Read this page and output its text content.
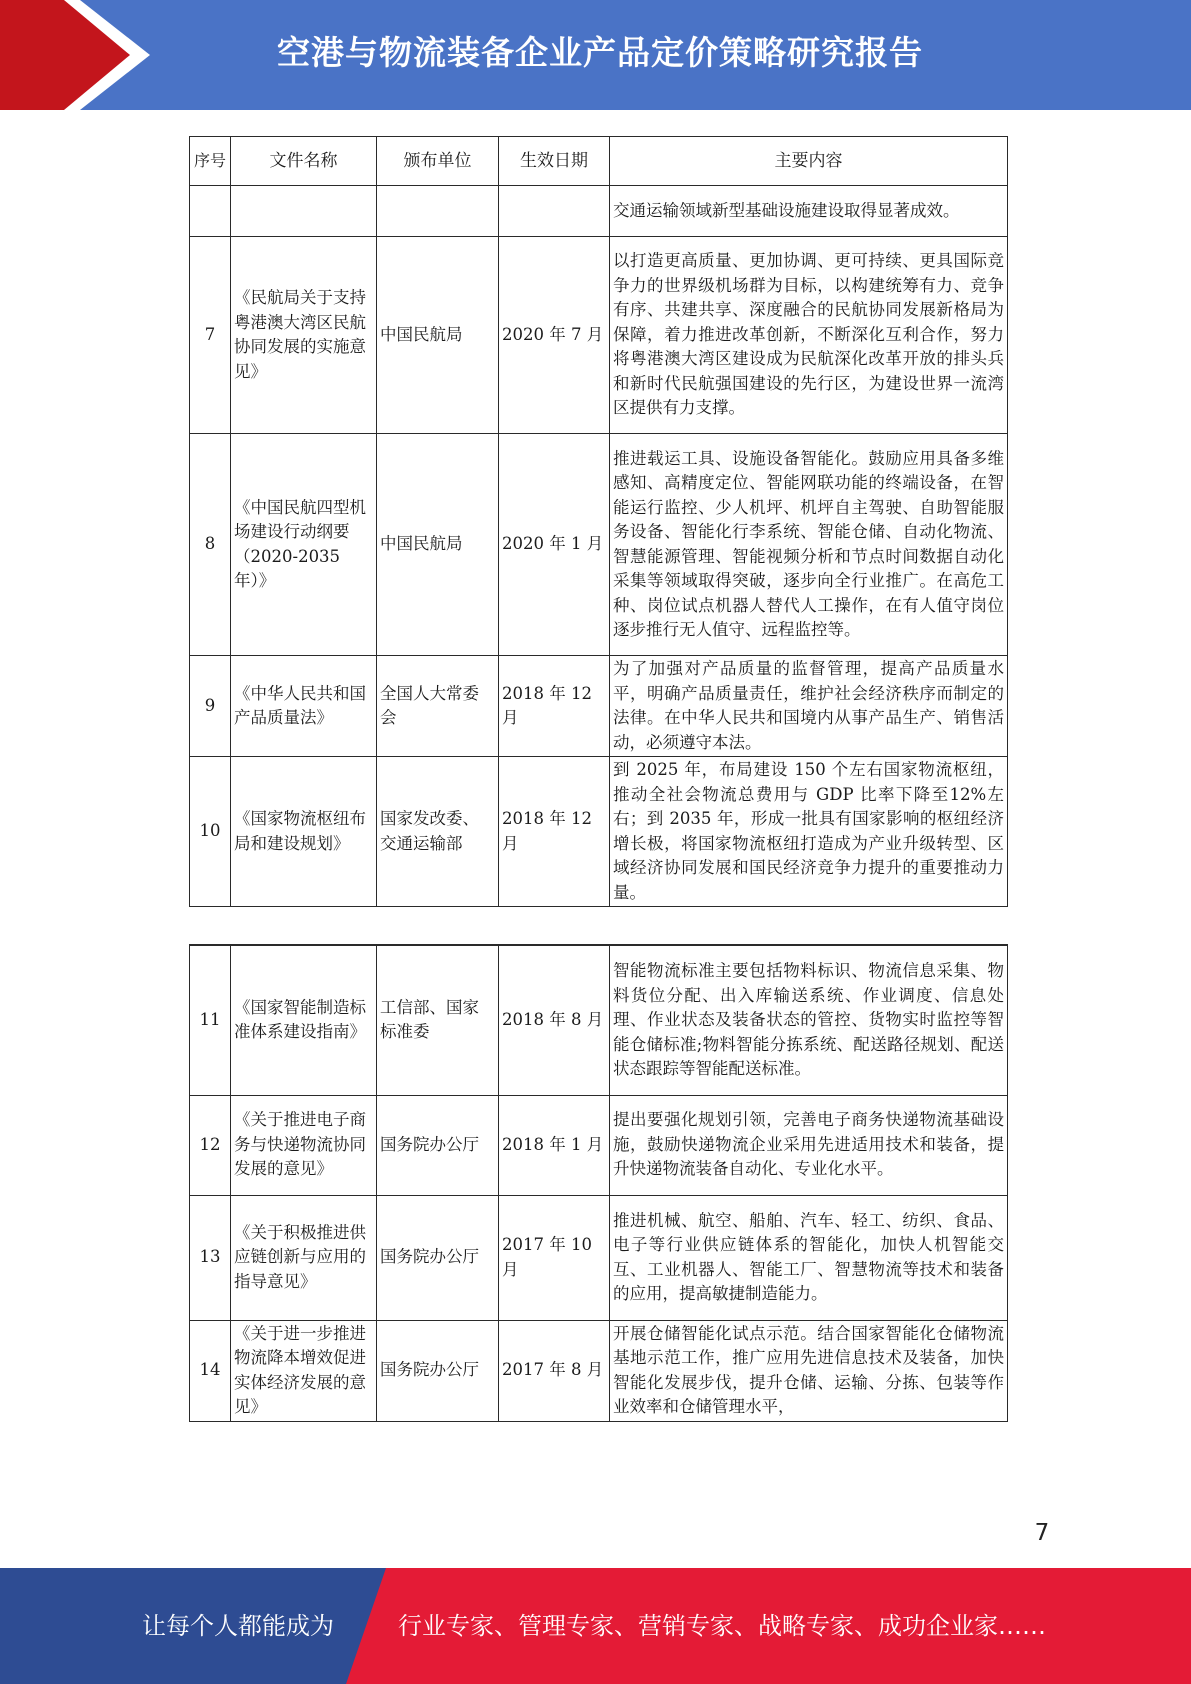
空港与物流装备企业产品定价策略研究报告
序号	文件名称	颁布单位	生效日期	主要内容
				交通运输领域新型基础设施建设取得显著成效。
7	《民航局关于支持粤港澳大湾区民航协同发展的实施意见》	中国民航局	2020 年 7 月	以打造更高质量、更加协调、更可持续、更具国际竞争力的世界级机场群为目标，以构建统筹有力、竞争有序、共建共享、深度融合的民航协同发展新格局为保障，着力推进改革创新，不断深化互利合作，努力将粤港澳大湾区建设成为民航深化改革开放的排头兵和新时代民航强国建设的先行区，为建设世界一流湾区提供有力支撑。
8	《中国民航四型机场建设行动纲要（2020-2035年）》	中国民航局	2020 年 1 月	推进载运工具、设施设备智能化。鼓励应用具备多维感知、高精度定位、智能网联功能的终端设备，在智能运行监控、少人机坪、机坪自主驾驶、自助智能服务设备、智能化行李系统、智能仓储、自动化物流、智慧能源管理、智能视频分析和节点时间数据自动化采集等领域取得突破，逐步向全行业推广。在高危工种、岗位试点机器人替代人工操作，在有人值守岗位逐步推行无人值守、远程监控等。
9	《中华人民共和国产品质量法》	全国人大常委会	2018 年 12 月	为了加强对产品质量的监督管理，提高产品质量水平，明确产品质量责任，维护社会经济秩序而制定的法律。在中华人民共和国境内从事产品生产、销售活动，必须遵守本法。
10	《国家物流枢纽布局和建设规划》	国家发改委、交通运输部	2018 年 12 月	到 2025 年，布局建设 150 个左右国家物流枢纽，推动全社会物流总费用与 GDP 比率下降至12%左右；到 2035 年，形成一批具有国家影响的枢纽经济增长极，将国家物流枢纽打造成为产业升级转型、区域经济协同发展和国民经济竞争力提升的重要推动力量。
11	《国家智能制造标准体系建设指南》	工信部、国家标准委	2018 年 8 月	智能物流标准主要包括物料标识、物流信息采集、物料货位分配、出入库输送系统、作业调度、信息处理、作业状态及装备状态的管控、货物实时监控等智能仓储标准;物料智能分拣系统、配送路径规划、配送状态跟踪等智能配送标准。
12	《关于推进电子商务与快递物流协同发展的意见》	国务院办公厅	2018 年 1 月	提出要强化规划引领，完善电子商务快递物流基础设施，鼓励快递物流企业采用先进适用技术和装备，提升快递物流装备自动化、专业化水平。
13	《关于积极推进供应链创新与应用的指导意见》	国务院办公厅	2017 年 10 月	推进机械、航空、船舶、汽车、轻工、纺织、食品、电子等行业供应链体系的智能化，加快人机智能交互、工业机器人、智能工厂、智慧物流等技术和装备的应用，提高敏捷制造能力。
14	《关于进一步推进物流降本增效促进实体经济发展的意见》	国务院办公厅	2017 年 8 月	开展仓储智能化试点示范。结合国家智能化仓储物流基地示范工作，推广应用先进信息技术及装备，加快智能化发展步伐，提升仓储、运输、分拣、包装等作业效率和仓储管理水平，
7
让每个人都能成为	行业专家、管理专家、营销专家、战略专家、成功企业家……
